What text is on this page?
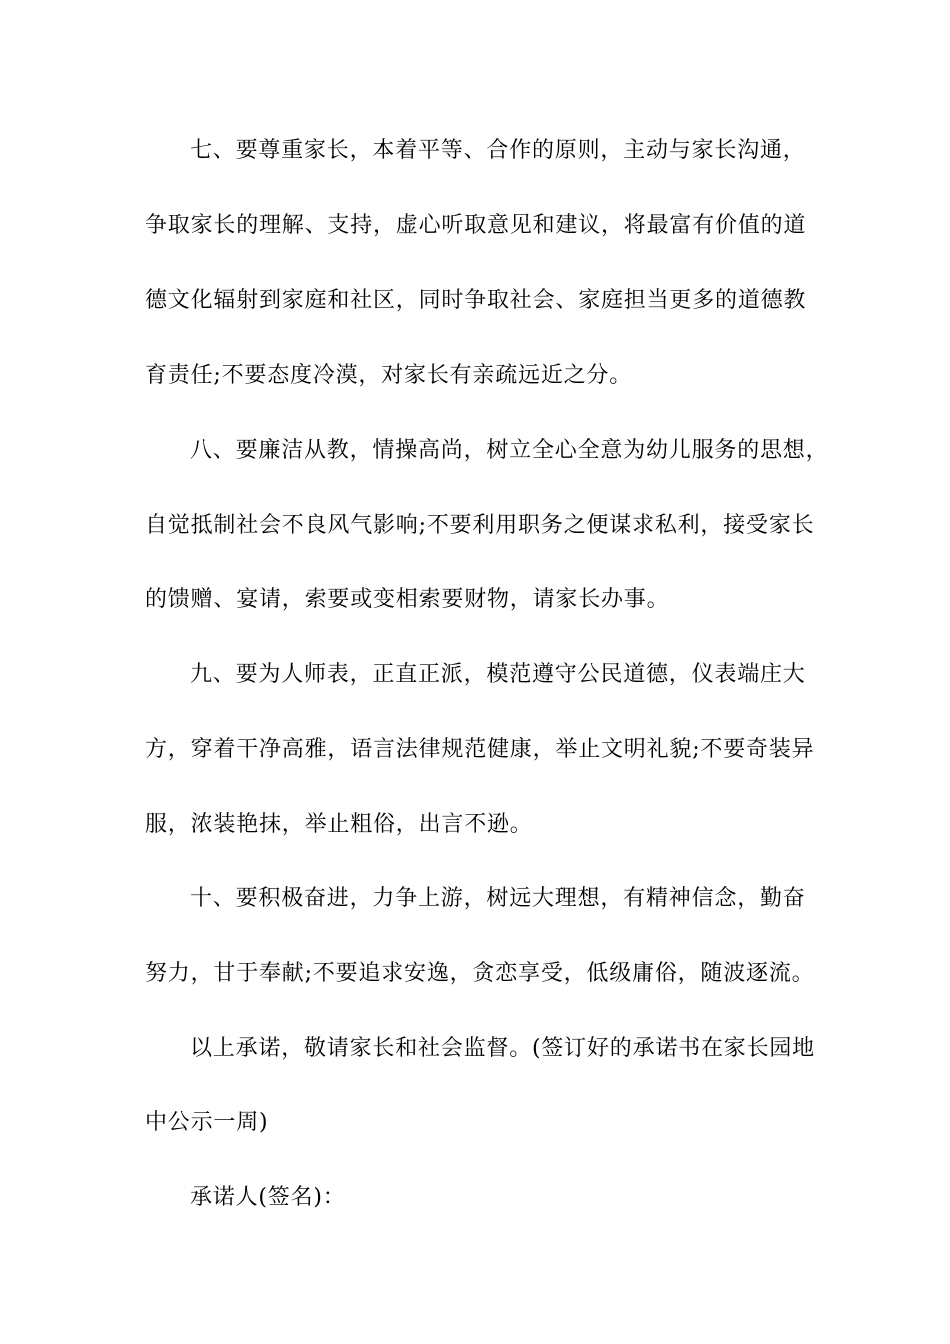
七、要尊重家长，本着平等、合作的原则，主动与家长沟通，
争取家长的理解、支持，虚心听取意见和建议，将最富有价值的道
德文化辐射到家庭和社区，同时争取社会、家庭担当更多的道德教
育责任;不要态度冷漠，对家长有亲疏远近之分。
八、要廉洁从教，情操高尚，树立全心全意为幼儿服务的思想，
自觉抵制社会不良风气影响;不要利用职务之便谋求私利，接受家长
的馈赠、宴请，索要或变相索要财物，请家长办事。
九、要为人师表，正直正派，模范遵守公民道德，仪表端庄大
方，穿着干净高雅，语言法律规范健康，举止文明礼貌;不要奇装异
服，浓装艳抹，举止粗俗，出言不逊。
十、要积极奋进，力争上游，树远大理想，有精神信念，勤奋
努力，甘于奉献;不要追求安逸，贪恋享受，低级庸俗，随波逐流。
以上承诺，敬请家长和社会监督。(签订好的承诺书在家长园地
中公示一周)
承诺人(签名)：
